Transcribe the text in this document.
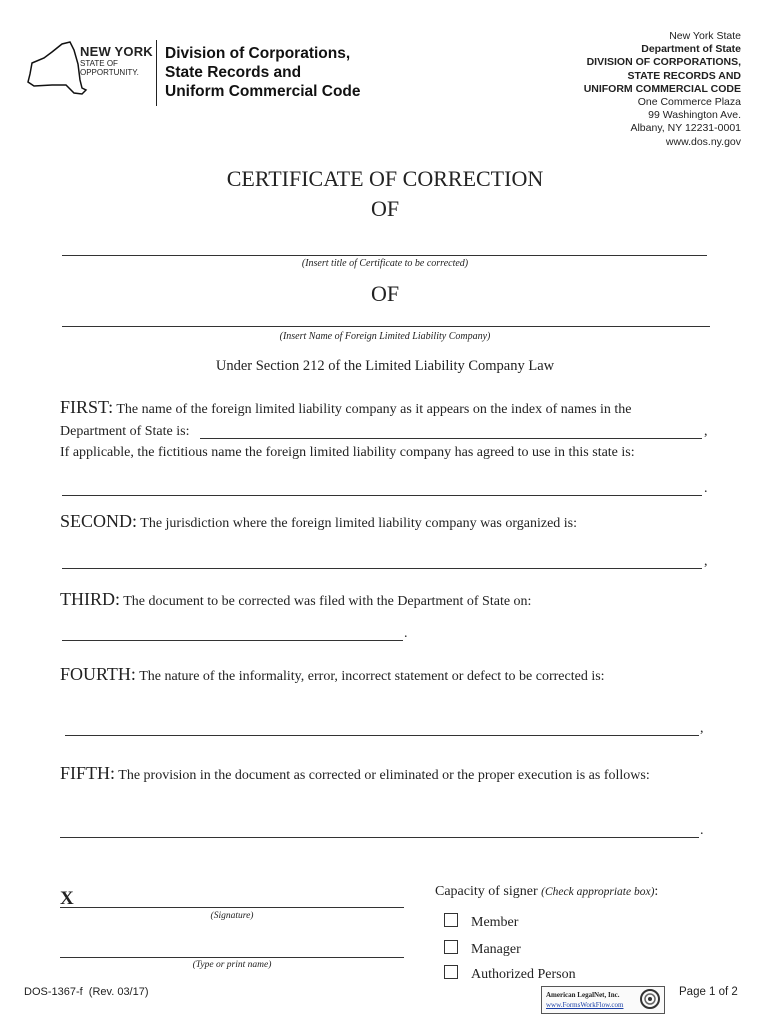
NEW YORK
STATE OF
OPPORTUNITY.
Division of Corporations,
State Records and
Uniform Commercial Code
New York State
Department of State
DIVISION OF CORPORATIONS,
STATE RECORDS AND
UNIFORM COMMERCIAL CODE
One Commerce Plaza
99 Washington Ave.
Albany, NY 12231-0001
www.dos.ny.gov
CERTIFICATE OF CORRECTION
OF
(Insert title of Certificate to be corrected)
OF
(Insert Name of Foreign Limited Liability Company)
Under Section 212 of the Limited Liability Company Law
FIRST: The name of the foreign limited liability company as it appears on the index of names in the
Department of State is:	,
If applicable, the fictitious name the foreign limited liability company has agreed to use in this state is:
.
SECOND: The jurisdiction where the foreign limited liability company was organized is:
,
THIRD: The document to be corrected was filed with the Department of State on:
.
FOURTH: The nature of the informality, error, incorrect statement or defect to be corrected is:
,
FIFTH: The provision in the document as corrected or eliminated or the proper execution is as follows:
.
X
(Signature)
(Type or print name)
Capacity of signer (Check appropriate box):
Member
Manager
Authorized Person
DOS-1367-f  (Rev. 03/17)	American LegalNet, Inc.
www.FormsWorkFlow.com
Page 1 of 2
